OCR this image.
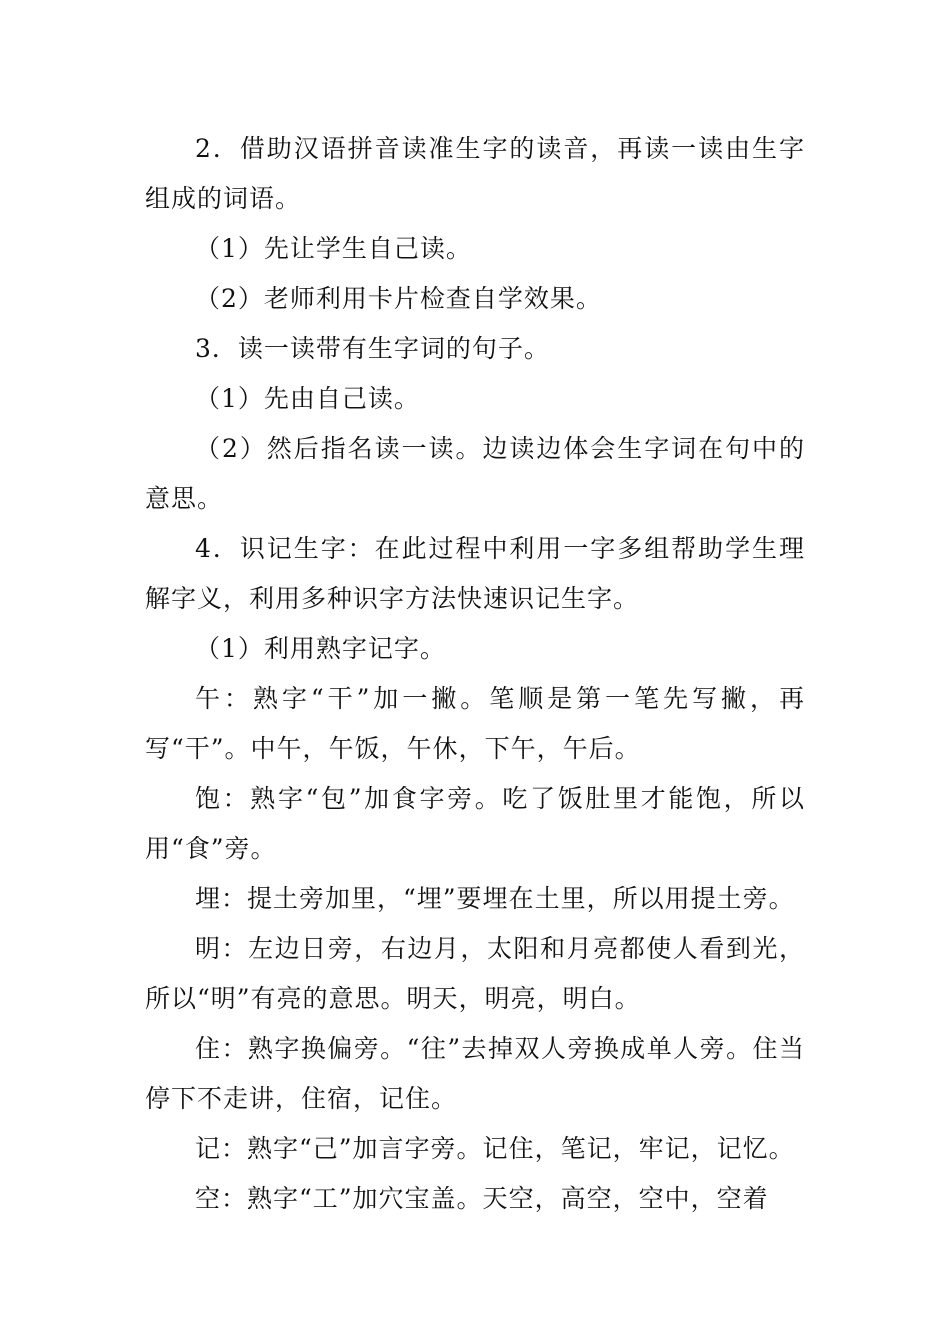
2．借助汉语拼音读准生字的读音，再读一读由生字组成的词语。

（1）先让学生自己读。

（2）老师利用卡片检查自学效果。

3．读一读带有生字词的句子。

（1）先由自己读。

（2）然后指名读一读。边读边体会生字词在句中的意思。

4．识记生字：在此过程中利用一字多组帮助学生理解字义，利用多种识字方法快速识记生字。

（1）利用熟字记字。

午：熟字“干”加一撇。笔顺是第一笔先写撇，再写“干”。中午，午饭，午休，下午，午后。

饱：熟字“包”加食字旁。吃了饭肚里才能饱，所以用“食”旁。

埋：提土旁加里，“埋”要埋在土里，所以用提土旁。

明：左边日旁，右边月，太阳和月亮都使人看到光，所以“明”有亮的意思。明天，明亮，明白。

住：熟字换偏旁。“往”去掉双人旁换成单人旁。住当停下不走讲，住宿，记住。

记：熟字“己”加言字旁。记住，笔记，牢记，记忆。

空：熟字“工”加穴宝盖。天空，高空，空中，空着
